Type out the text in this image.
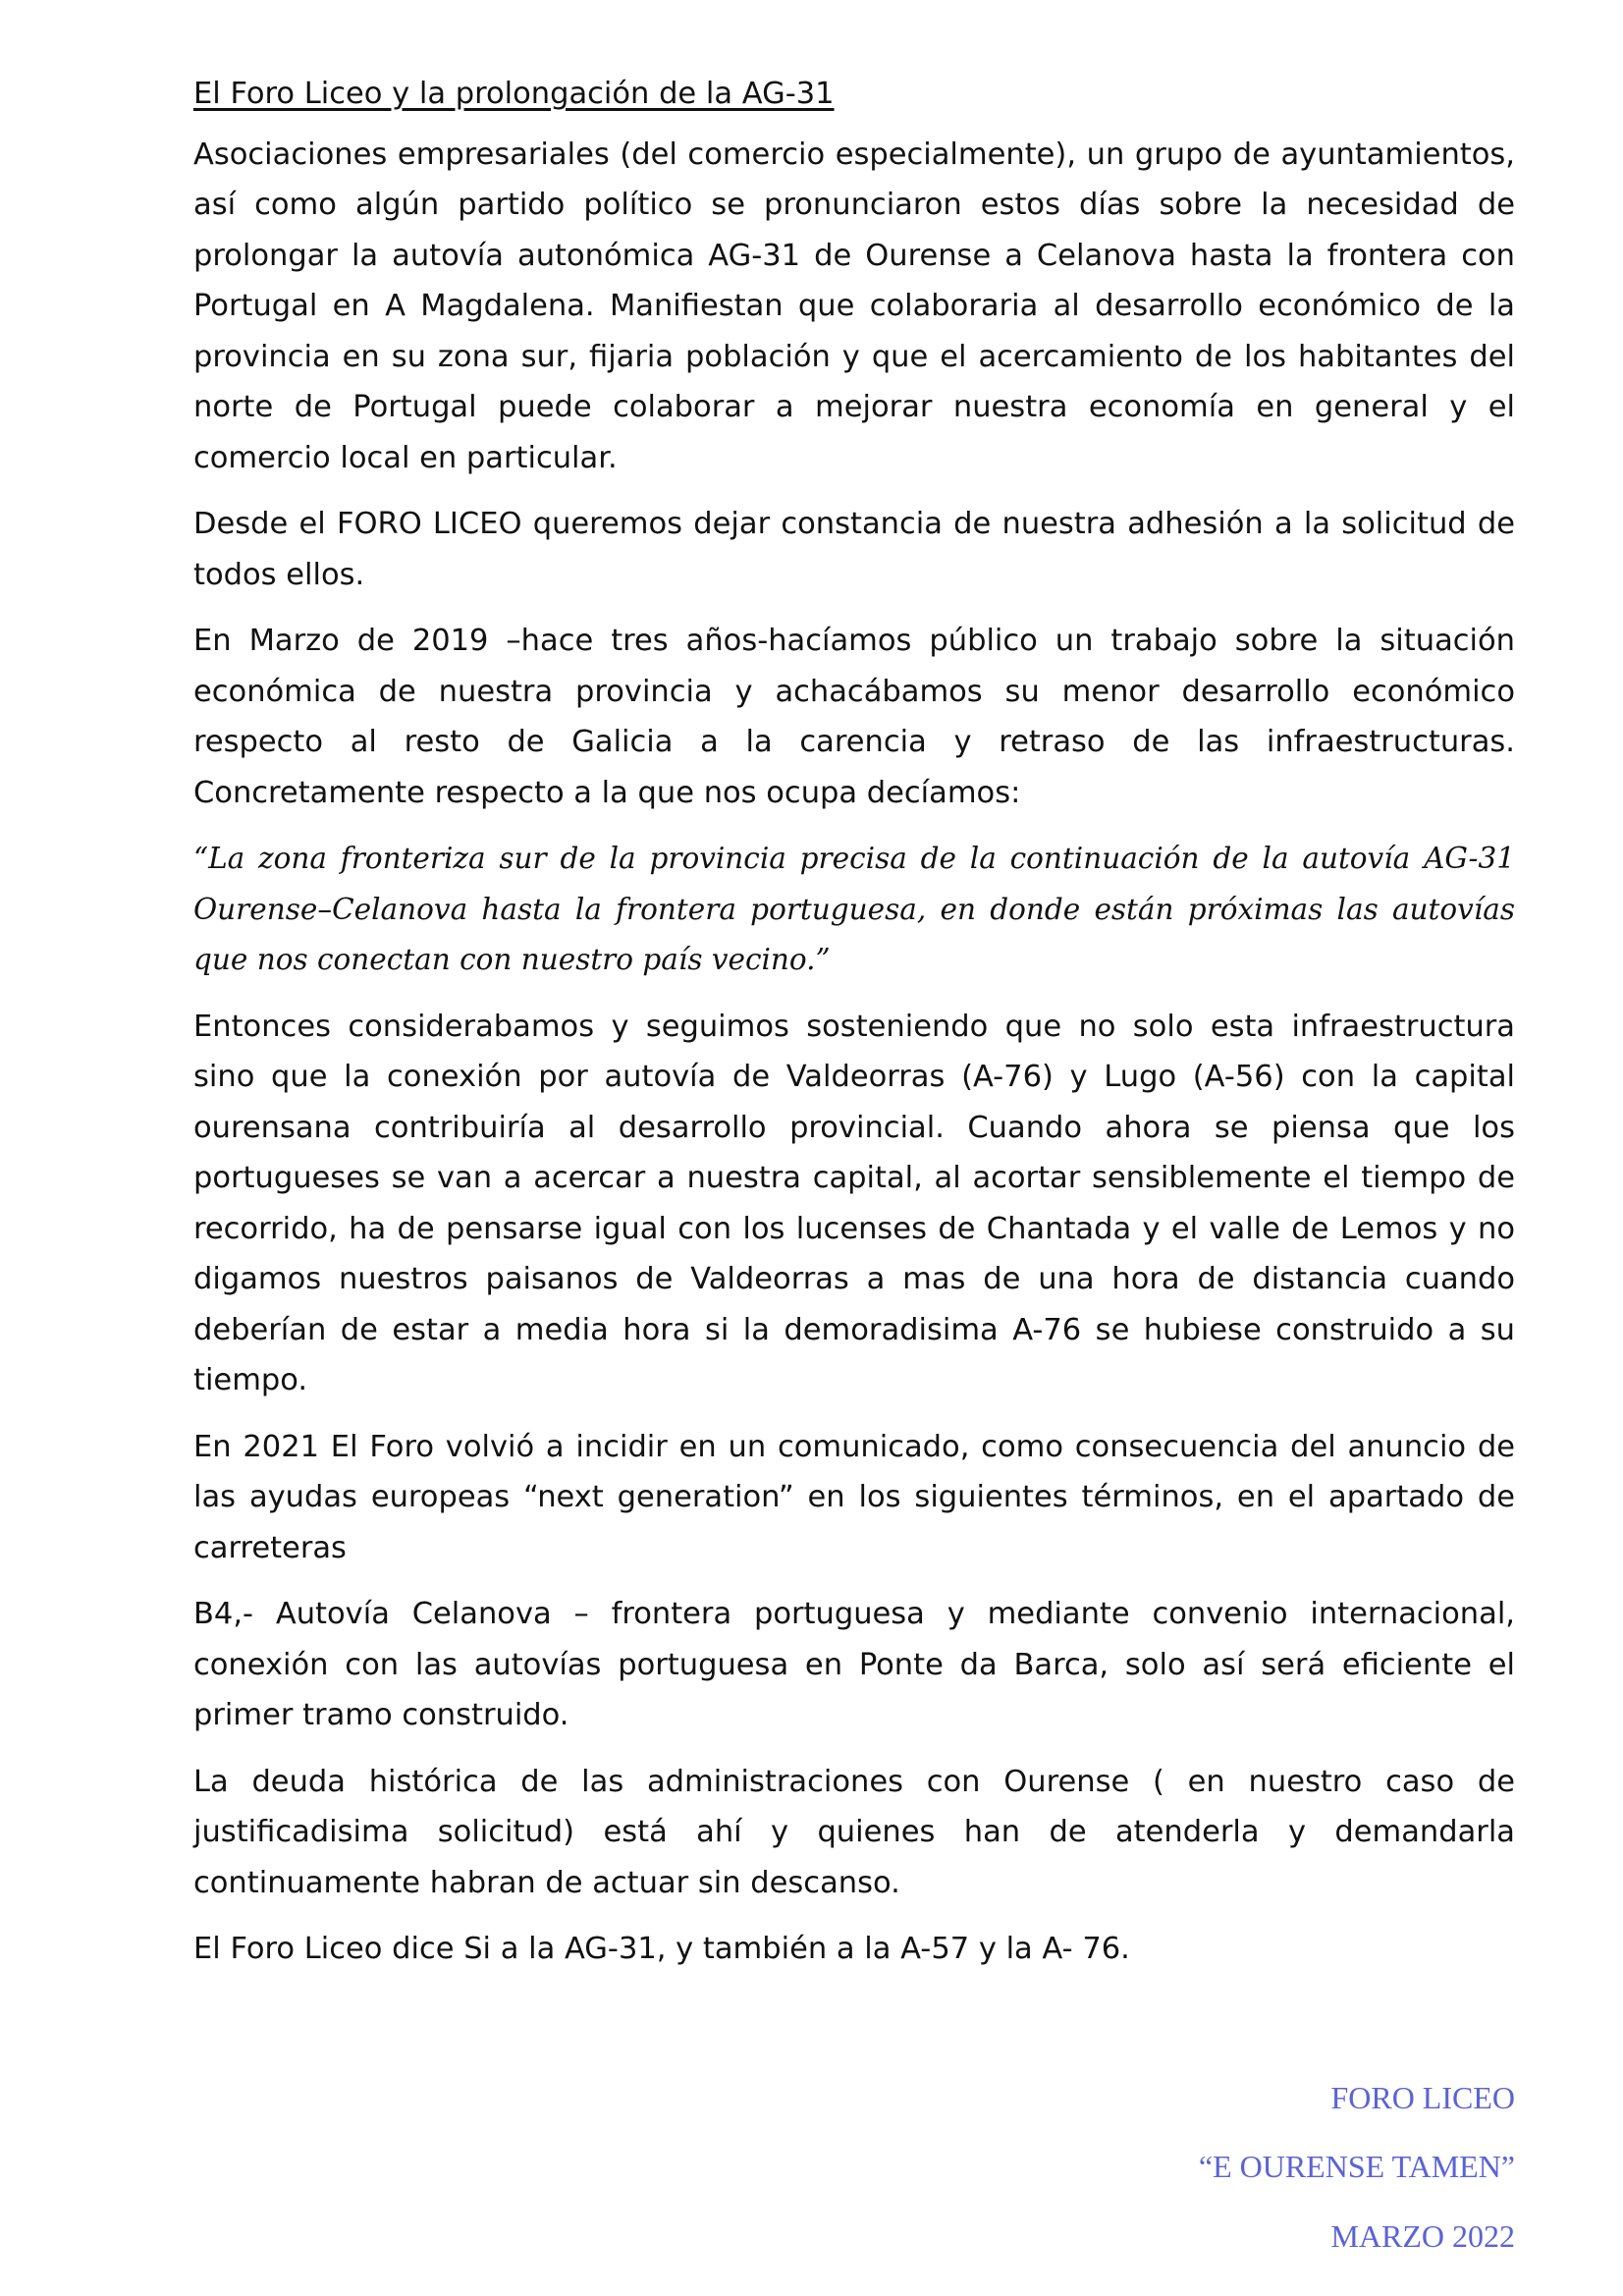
El Foro Liceo y la prolongación de la AG-31

Asociaciones empresariales (del comercio especialmente), un grupo de ayuntamientos, así como algún partido político se pronunciaron estos días sobre la necesidad de prolongar la autovía autonómica AG-31 de Ourense a Celanova hasta la frontera con Portugal en A Magdalena. Manifiestan que colaboraria al desarrollo económico de la provincia en su zona sur, fijaria población y que el acercamiento de los habitantes del norte de Portugal puede colaborar a mejorar nuestra economía en general y el comercio local en particular.

Desde el FORO LICEO queremos dejar constancia de nuestra adhesión a la solicitud de todos ellos.

En Marzo de 2019 –hace tres años-hacíamos público un trabajo sobre la situación económica de nuestra provincia y achacábamos su menor desarrollo económico respecto al resto de Galicia a la carencia y retraso de las infraestructuras. Concretamente respecto a la que nos ocupa decíamos:

“La zona fronteriza sur de la provincia precisa de la continuación de la autovía AG-31 Ourense–Celanova hasta la frontera portuguesa, en donde están próximas las autovías que nos conectan con nuestro país vecino.”

Entonces considerabamos y seguimos sosteniendo que no solo esta infraestructura sino que la conexión por autovía de Valdeorras (A-76) y Lugo (A-56) con la capital ourensana contribuiría al desarrollo provincial. Cuando ahora se piensa que los portugueses se van a acercar a nuestra capital, al acortar sensiblemente el tiempo de recorrido, ha de pensarse igual con los lucenses de Chantada y el valle de Lemos y no digamos nuestros paisanos de Valdeorras a mas de una hora de distancia cuando deberían de estar a media hora si la demoradisima A-76 se hubiese construido a su tiempo.

En 2021 El Foro volvió a incidir en un comunicado, como consecuencia del anuncio de las ayudas europeas “next generation” en los siguientes términos, en el apartado de carreteras

B4,- Autovía Celanova – frontera portuguesa y mediante convenio internacional, conexión con las autovías portuguesa en Ponte da Barca, solo así será eficiente el primer tramo construido.

La deuda histórica de las administraciones con Ourense ( en nuestro caso de justificadisima solicitud) está ahí y quienes han de atenderla y demandarla continuamente habran de actuar sin descanso.

El Foro Liceo dice Si a la AG-31, y también a la A-57 y la A- 76.

FORO LICEO
“E OURENSE TAMEN”
MARZO 2022
